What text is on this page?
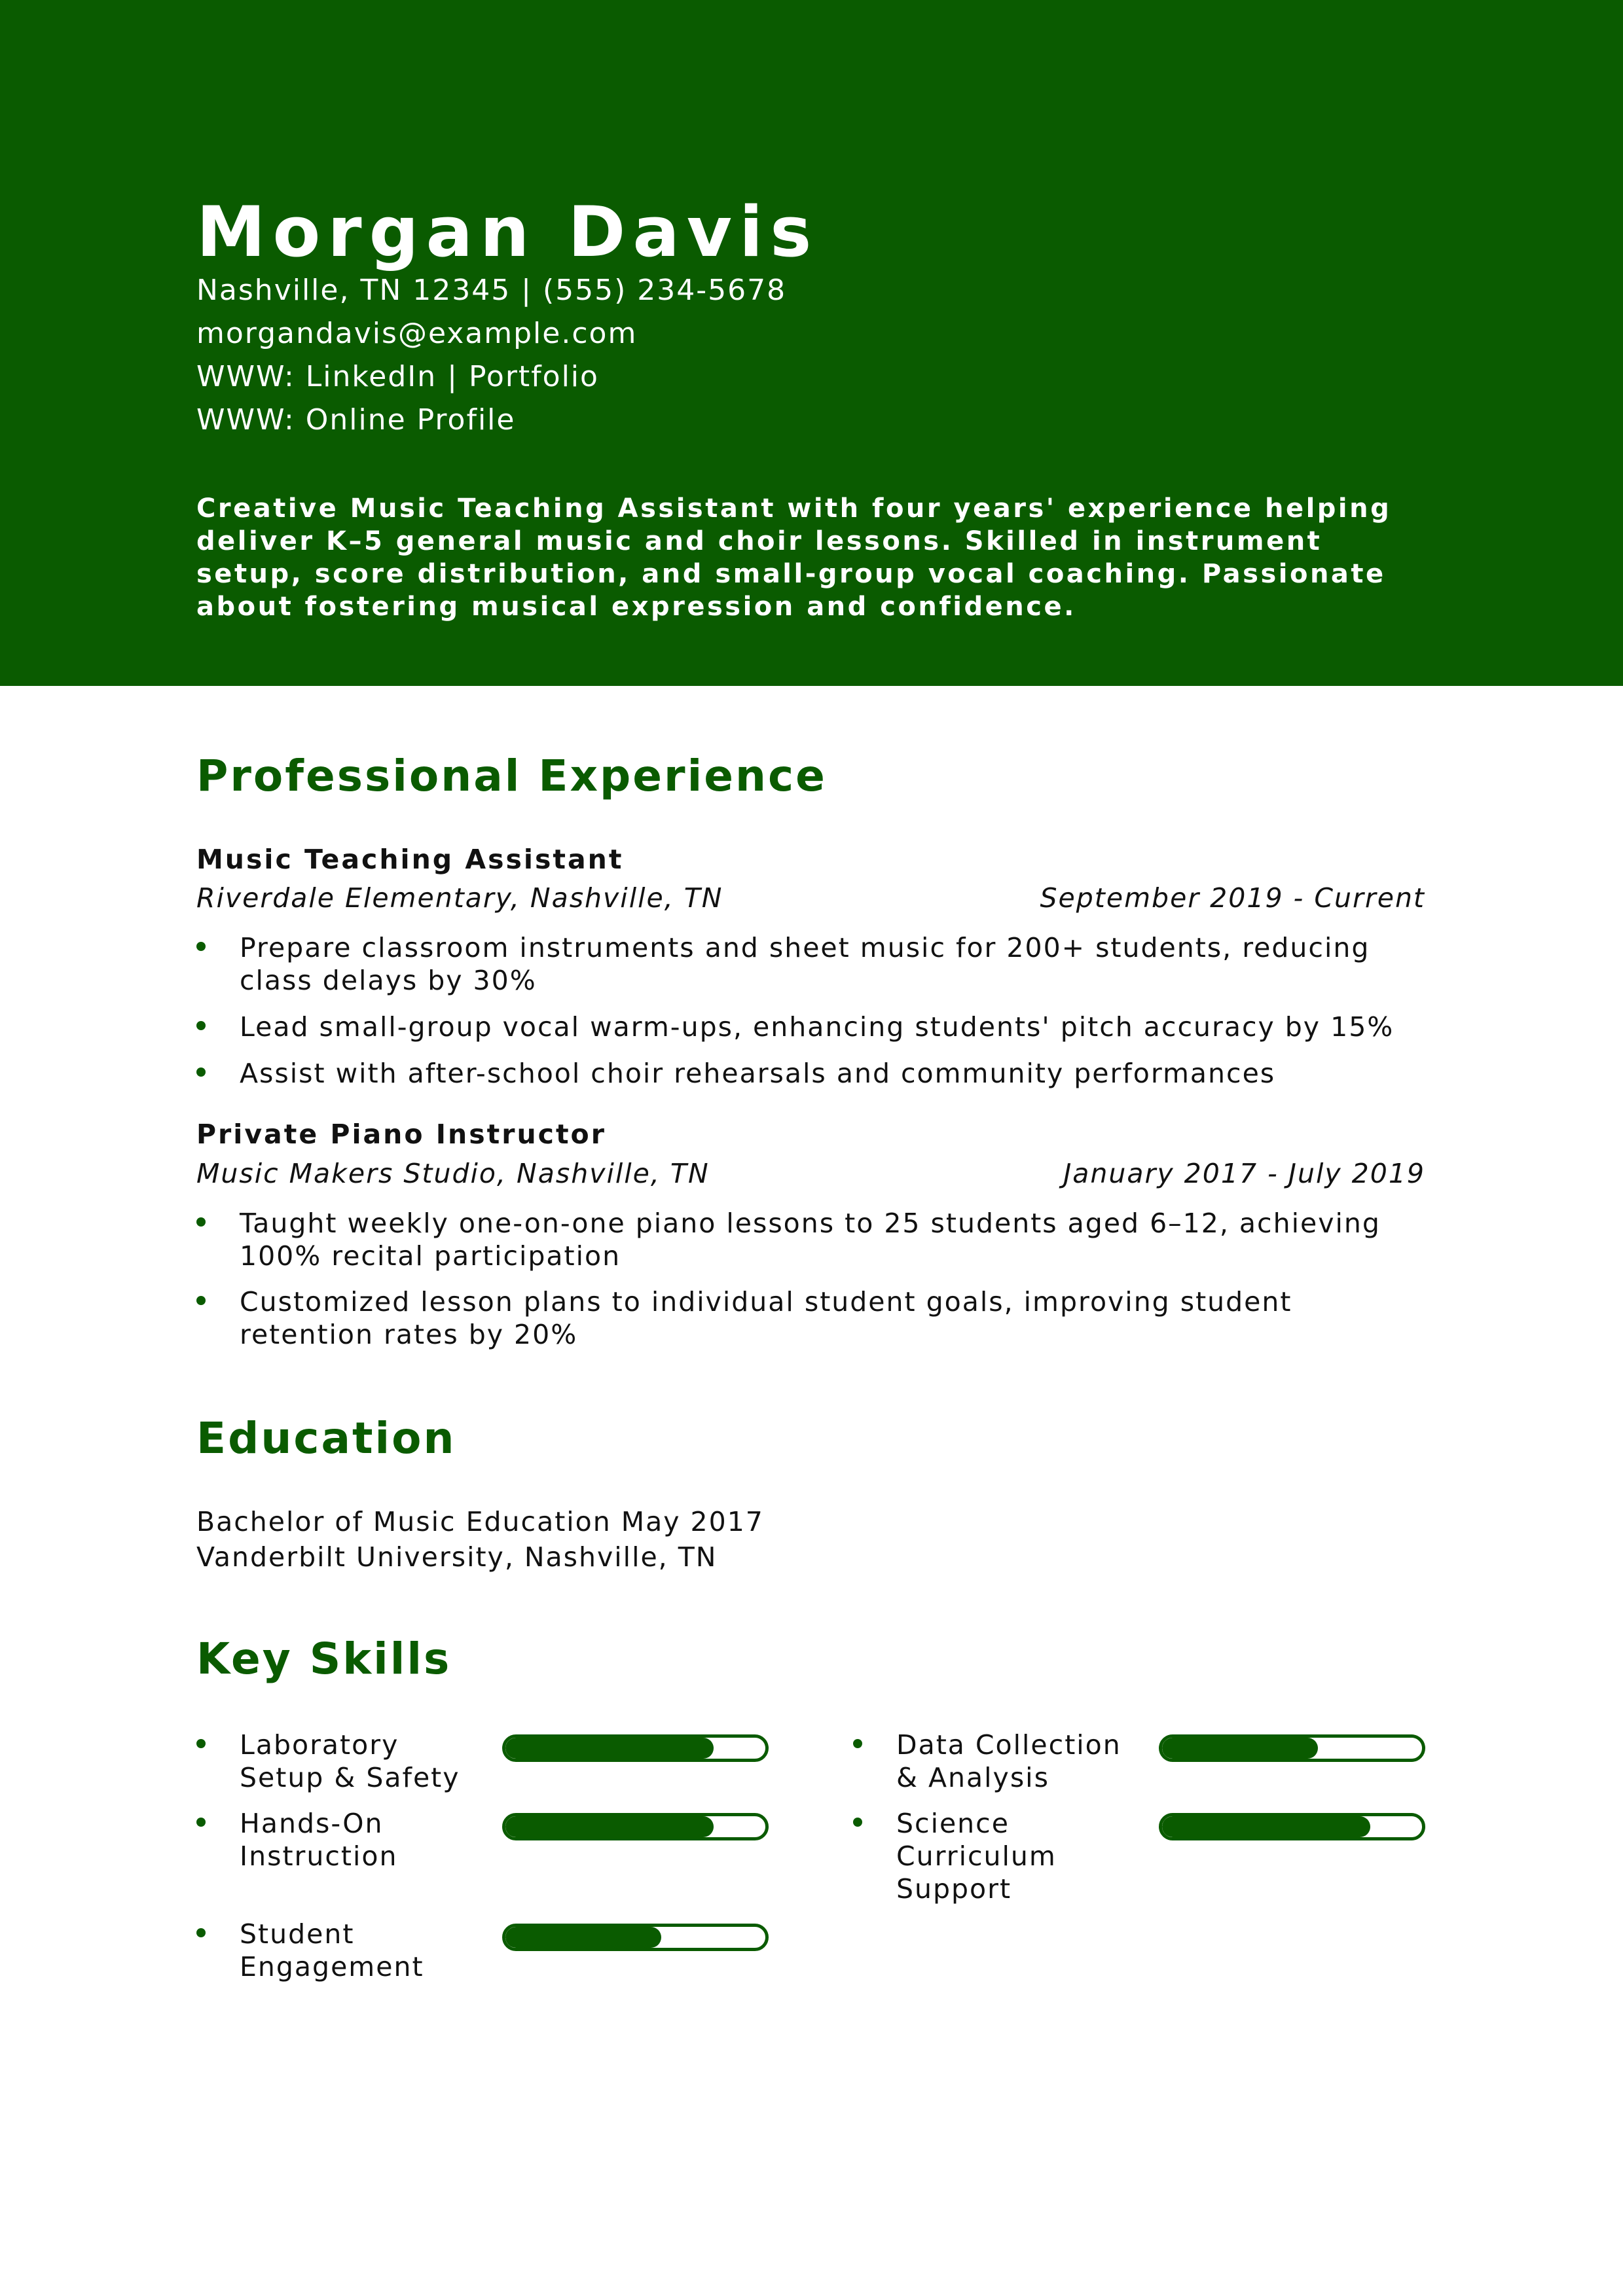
Morgan Davis

Nashville, TN 12345 | (555) 234-5678

morgandavis@example.com

WWW: LinkedIn | Portfolio

WWW: Online Profile

Creative Music Teaching Assistant with four years' experience helping deliver K–5 general music and choir lessons. Skilled in instrument setup, score distribution, and small-group vocal coaching. Passionate about fostering musical expression and confidence.

Professional Experience

Music Teaching Assistant

Riverdale Elementary, Nashville, TN	September 2019 - Current
Prepare classroom instruments and sheet music for 200+ students, reducing class delays by 30%
Lead small-group vocal warm-ups, enhancing students' pitch accuracy by 15%
Assist with after-school choir rehearsals and community performances

Private Piano Instructor

Music Makers Studio, Nashville, TN	January 2017 - July 2019
Taught weekly one-on-one piano lessons to 25 students aged 6–12, achieving 100% recital participation
Customized lesson plans to individual student goals, improving student retention rates by 20%
Education

Bachelor of Music Education May 2017

Vanderbilt University, Nashville, TN

Key Skills
Laboratory Setup & Safety
Data Collection & Analysis
Hands-On Instruction
Science Curriculum Support
Student Engagement
